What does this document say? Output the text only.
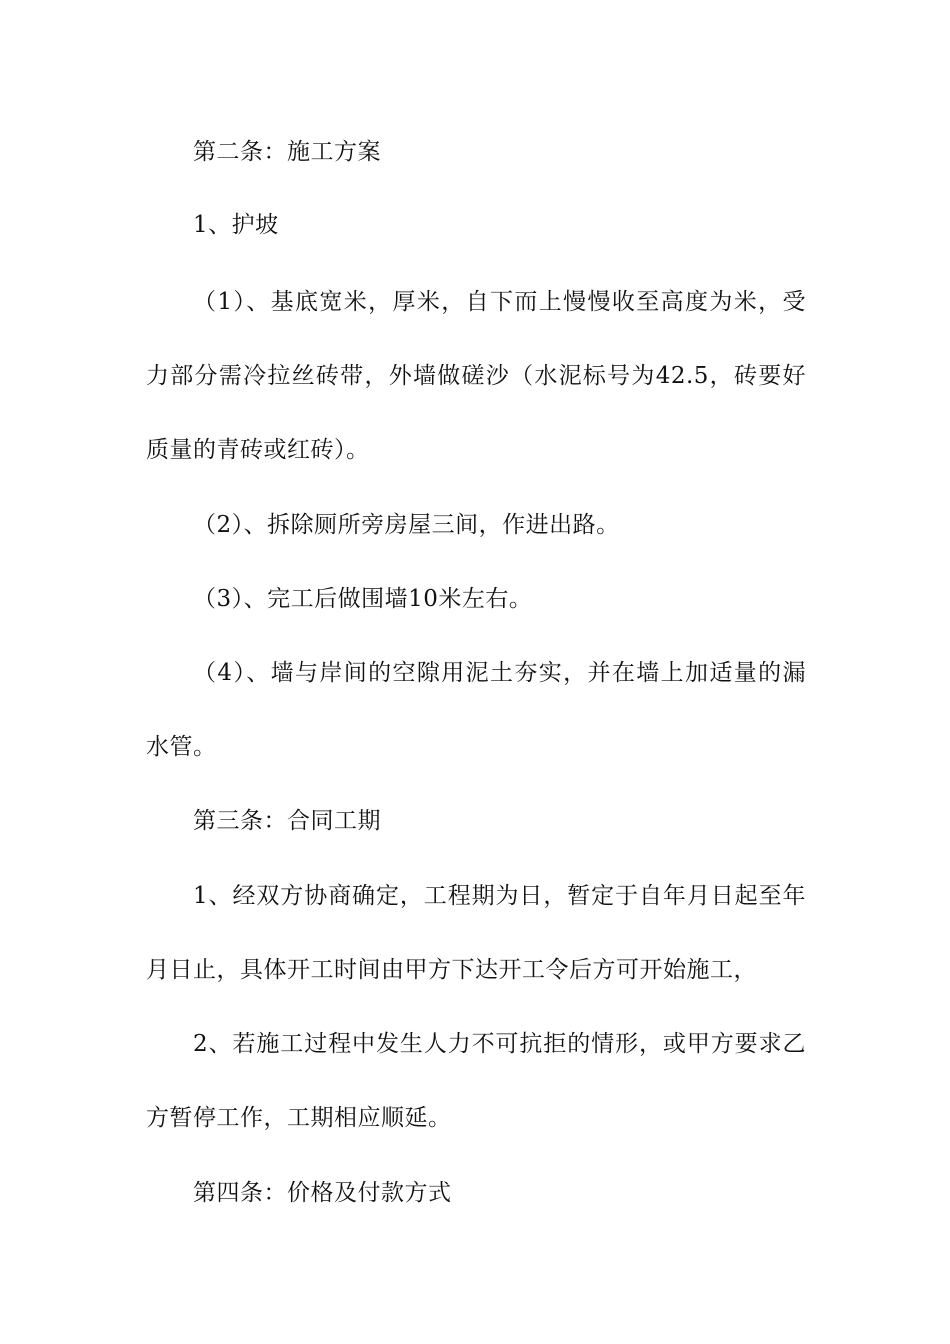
第二条：施工方案
1、护坡
（1）、基底宽米，厚米，自下而上慢慢收至高度为米，受
力部分需冷拉丝砖带，外墙做磋沙（水泥标号为42.5，砖要好
质量的青砖或红砖）。
（2）、拆除厕所旁房屋三间，作进出路。
（3）、完工后做围墙10米左右。
（4）、墙与岸间的空隙用泥土夯实，并在墙上加适量的漏
水管。
第三条：合同工期
1、经双方协商确定，工程期为日，暂定于自年月日起至年
月日止，具体开工时间由甲方下达开工令后方可开始施工，
2、若施工过程中发生人力不可抗拒的情形，或甲方要求乙
方暂停工作，工期相应顺延。
第四条：价格及付款方式
